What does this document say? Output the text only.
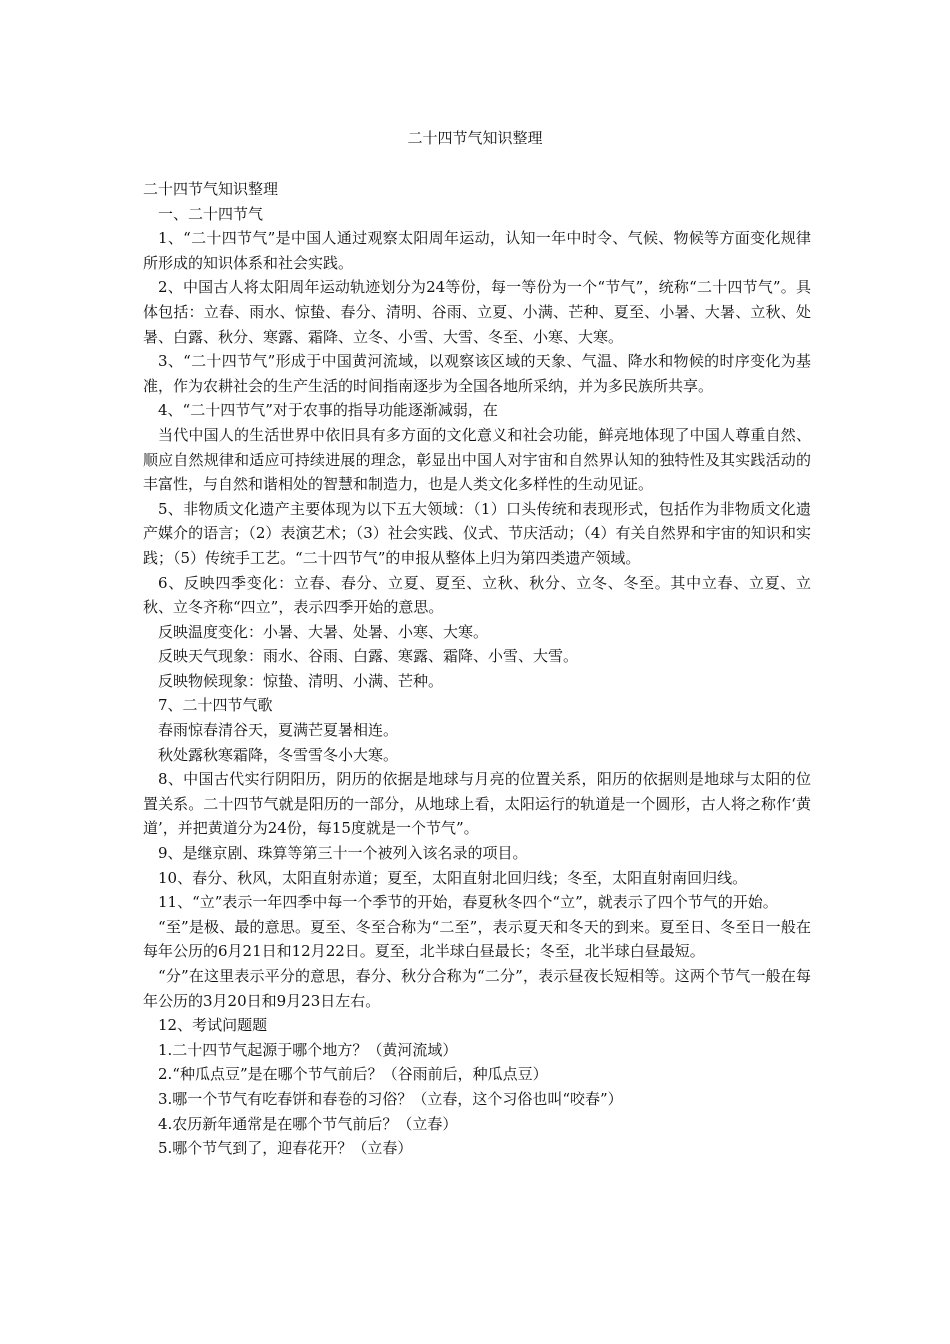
二十四节气知识整理

二十四节气知识整理

一、二十四节气

1、“二十四节气”是中国人通过观察太阳周年运动，认知一年中时令、气候、物候等方面变化规律所形成的知识体系和社会实践。

2、中国古人将太阳周年运动轨迹划分为24等份，每一等份为一个“节气”，统称“二十四节气”。具体包括：立春、雨水、惊蛰、春分、清明、谷雨、立夏、小满、芒种、夏至、小暑、大暑、立秋、处暑、白露、秋分、寒露、霜降、立冬、小雪、大雪、冬至、小寒、大寒。

3、“二十四节气”形成于中国黄河流域，以观察该区域的天象、气温、降水和物候的时序变化为基准，作为农耕社会的生产生活的时间指南逐步为全国各地所采纳，并为多民族所共享。

4、“二十四节气”对于农事的指导功能逐渐减弱，在

当代中国人的生活世界中依旧具有多方面的文化意义和社会功能，鲜亮地体现了中国人尊重自然、顺应自然规律和适应可持续进展的理念，彰显出中国人对宇宙和自然界认知的独特性及其实践活动的丰富性，与自然和谐相处的智慧和制造力，也是人类文化多样性的生动见证。

5、非物质文化遗产主要体现为以下五大领域：（1）口头传统和表现形式，包括作为非物质文化遗产媒介的语言；（2）表演艺术；（3）社会实践、仪式、节庆活动；（4）有关自然界和宇宙的知识和实践；（5）传统手工艺。“二十四节气”的申报从整体上归为第四类遗产领域。

6、反映四季变化：立春、春分、立夏、夏至、立秋、秋分、立冬、冬至。其中立春、立夏、立秋、立冬齐称“四立”，表示四季开始的意思。

反映温度变化：小暑、大暑、处暑、小寒、大寒。

反映天气现象：雨水、谷雨、白露、寒露、霜降、小雪、大雪。

反映物候现象：惊蛰、清明、小满、芒种。

7、二十四节气歌

春雨惊春清谷天，夏满芒夏暑相连。

秋处露秋寒霜降，冬雪雪冬小大寒。

8、中国古代实行阴阳历，阴历的依据是地球与月亮的位置关系，阳历的依据则是地球与太阳的位置关系。二十四节气就是阳历的一部分，从地球上看，太阳运行的轨道是一个圆形，古人将之称作‘黄道’，并把黄道分为24份，每15度就是一个节气”。

9、是继京剧、珠算等第三十一个被列入该名录的项目。

10、春分、秋风，太阳直射赤道；夏至，太阳直射北回归线；冬至，太阳直射南回归线。

11、“立”表示一年四季中每一个季节的开始，春夏秋冬四个“立”，就表示了四个节气的开始。

“至”是极、最的意思。夏至、冬至合称为“二至”，表示夏天和冬天的到来。夏至日、冬至日一般在每年公历的6月21日和12月22日。夏至，北半球白昼最长；冬至，北半球白昼最短。

“分”在这里表示平分的意思，春分、秋分合称为“二分”，表示昼夜长短相等。这两个节气一般在每年公历的3月20日和9月23日左右。

12、考试问题题

1.二十四节气起源于哪个地方？（黄河流域）

2.“种瓜点豆”是在哪个节气前后？（谷雨前后，种瓜点豆）

3.哪一个节气有吃春饼和春卷的习俗？（立春，这个习俗也叫“咬春”）

4.农历新年通常是在哪个节气前后？（立春）

5.哪个节气到了，迎春花开？（立春）
